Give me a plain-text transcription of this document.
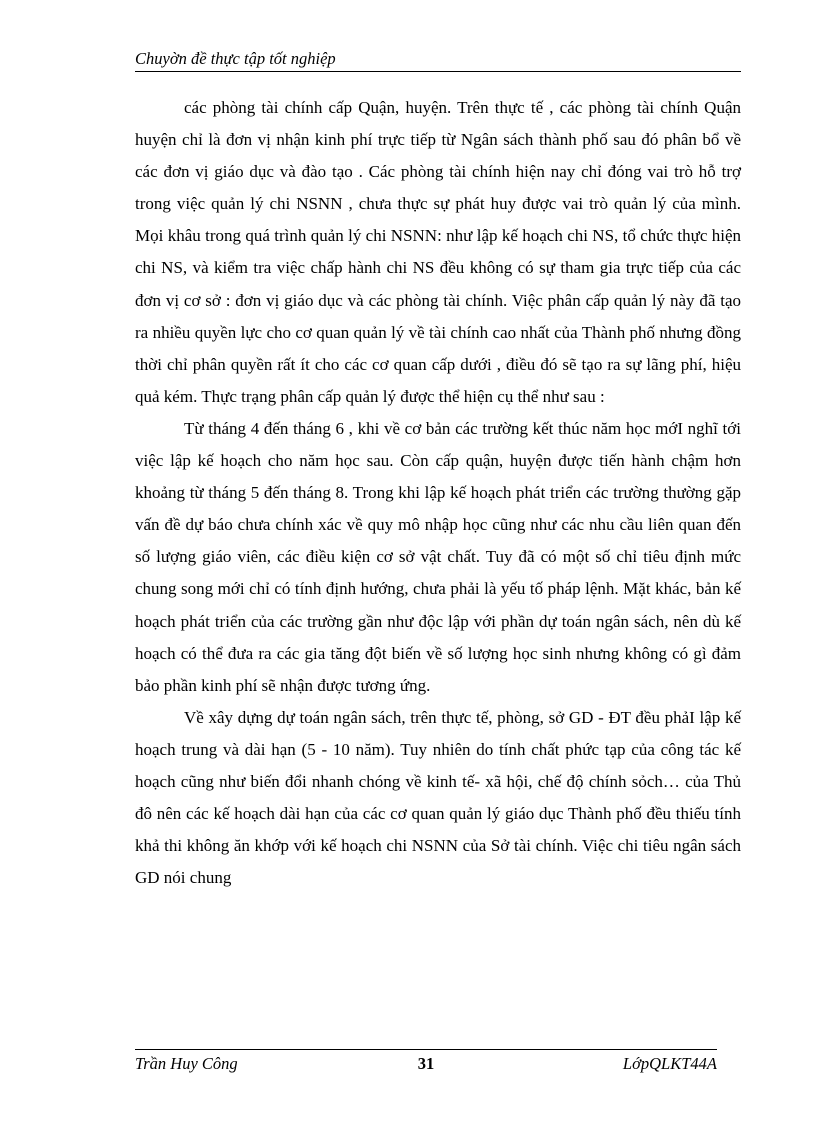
Chuyờn đề thực tập tốt nghiệp

các phòng tài chính cấp Quận, huyện. Trên thực tế , các phòng tài chính Quận huyện chỉ là đơn vị nhận kinh phí trực tiếp từ Ngân sách thành phố sau đó phân bổ về các đơn vị giáo dục và đào tạo . Các phòng tài chính hiện nay chỉ đóng vai trò hỗ trợ trong việc quản lý chi NSNN , chưa thực sự phát huy được vai trò quản lý của mình. Mọi khâu trong quá trình quản lý chi NSNN: như lập kế hoạch chi NS, tổ chức thực hiện chi NS, và kiểm tra việc chấp hành chi NS đều không có sự tham gia trực tiếp của các đơn vị cơ sở : đơn vị giáo dục và các phòng tài chính. Việc phân cấp quản lý này đã tạo ra nhiều quyền lực cho cơ quan quản lý về tài chính cao nhất của Thành phố nhưng đồng thời chỉ phân quyền rất ít cho các cơ quan cấp dưới , điều đó sẽ tạo ra sự lãng phí, hiệu quả kém. Thực trạng phân cấp quản lý được thể hiện cụ thể như sau :

Từ tháng 4 đến tháng 6 , khi về cơ bản các trường kết thúc năm học mớI nghĩ tới việc lập kế hoạch cho năm học sau. Còn cấp quận, huyện được tiến hành chậm hơn khoảng từ tháng 5 đến tháng 8. Trong khi lập kế hoạch phát triển các trường thường gặp vấn đề dự báo chưa chính xác về quy mô nhập học cũng như các nhu cầu liên quan đến số lượng giáo viên, các điều kiện cơ sở vật chất. Tuy đã có một số chỉ tiêu định mức chung song mới chỉ có tính định hướng, chưa phải là yếu tố pháp lệnh. Mặt khác, bản kế hoạch phát triển của các trường gần như độc lập với phần dự toán ngân sách, nên dù kế hoạch có thể đưa ra các gia tăng đột biến về số lượng học sinh nhưng không có gì đảm bảo phần kinh phí sẽ nhận được tương ứng.

Về xây dựng dự toán ngân sách, trên thực tế, phòng, sở GD - ĐT đều phảI lập kế hoạch trung và dài hạn (5 - 10 năm). Tuy nhiên do tính chất phức tạp của công tác kế hoạch cũng như biến đổi nhanh chóng về kinh tế- xã hội, chế độ chính sỏch… của Thủ đô nên các kế hoạch dài hạn của các cơ quan quản lý giáo dục Thành phố đều thiếu tính khả thi không ăn khớp với kế hoạch chi NSNN của Sở tài chính. Việc chi tiêu ngân sách GD nói chung

Trần Huy Công	31	LớpQLKT44A
